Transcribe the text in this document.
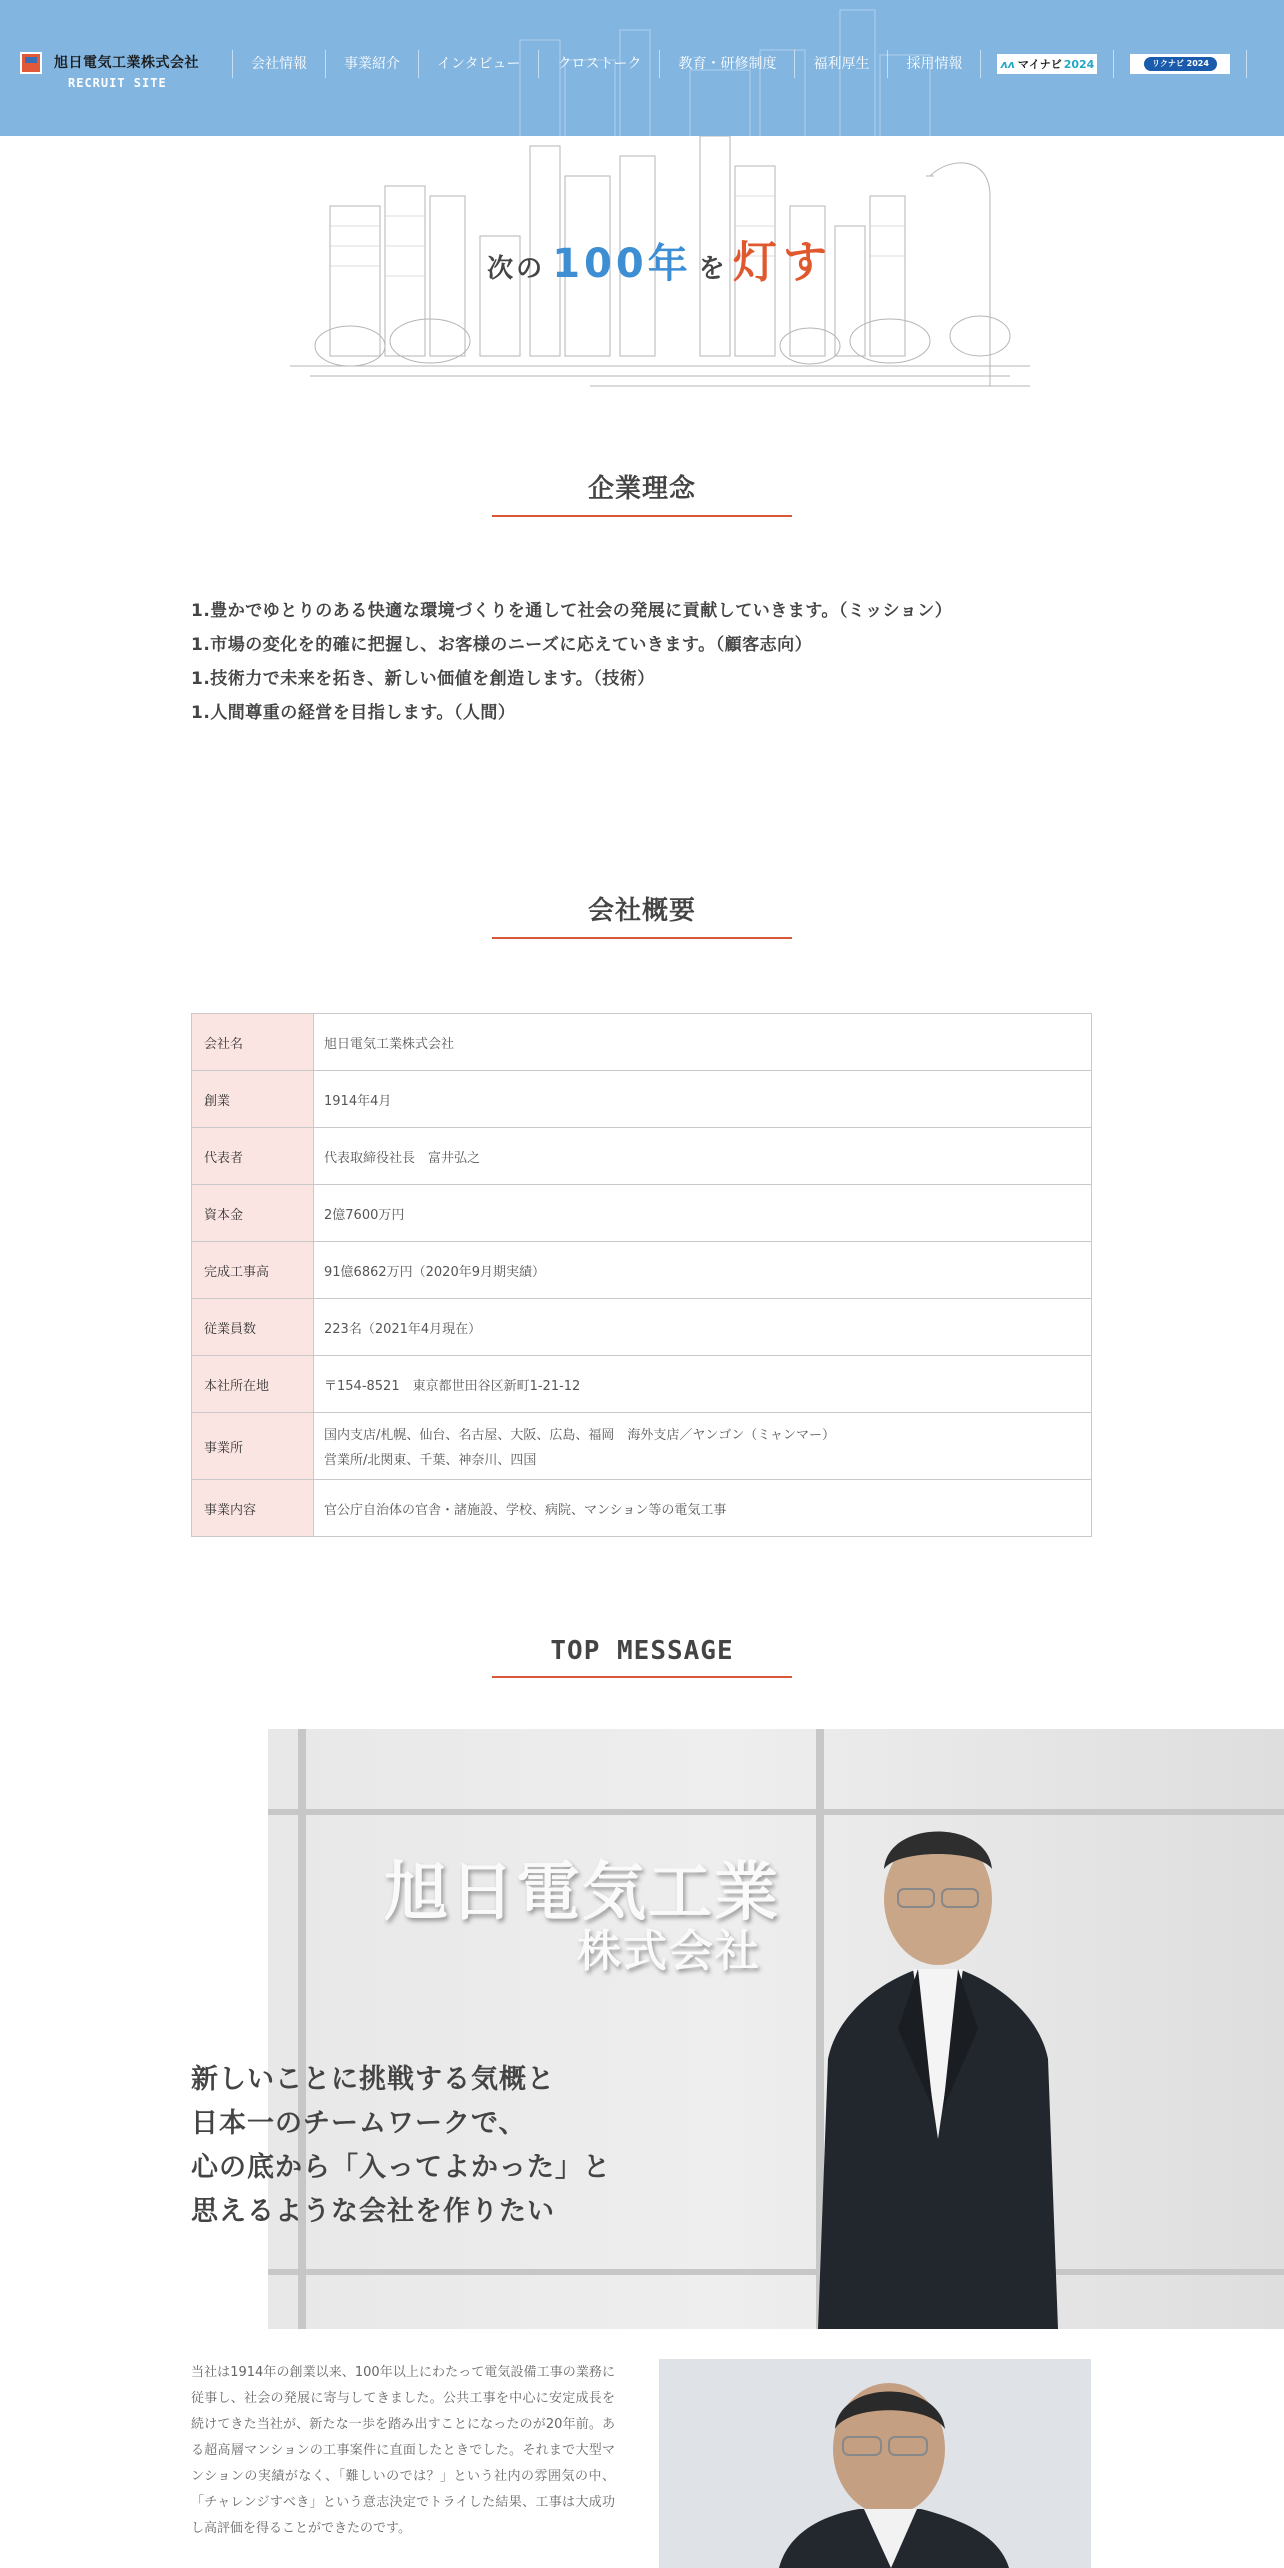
旭日電気工業株式会社
RECRUIT SITE
会社情報	事業紹介	インタビュー	クロストーク	教育・研修制度	福利厚生	採用情報	ʌʌ マイナビ 2024	リクナビ 2024
次の 100年 を 灯す
企業理念
1.豊かでゆとりのある快適な環境づくりを通して社会の発展に貢献していきます。（ミッション）
1.市場の変化を的確に把握し、お客様のニーズに応えていきます。（顧客志向）
1.技術力で未来を拓き、新しい価値を創造します。（技術）
1.人間尊重の経営を目指します。（人間）
会社概要
会社名	旭日電気工業株式会社
創業	1914年4月
代表者	代表取締役社長　富井弘之
資本金	2億7600万円
完成工事高	91億6862万円（2020年9月期実績）
従業員数	223名（2021年4月現在）
本社所在地	〒154-8521　東京都世田谷区新町1-21-12
事業所	国内支店/札幌、仙台、名古屋、大阪、広島、福岡　海外支店／ヤンゴン（ミャンマー）
営業所/北関東、千葉、神奈川、四国

事業内容	官公庁自治体の官舎・諸施設、学校、病院、マンション等の電気工事
TOP MESSAGE
旭日電気工業
株式会社

新しいことに挑戦する気概と

日本一のチームワークで、

心の底から「入ってよかった」と

思えるような会社を作りたい

当社は1914年の創業以来、100年以上にわたって電気設備工事の業務に従事し、社会の発展に寄与してきました。公共工事を中心に安定成長を続けてきた当社が、新たな一歩を踏み出すことになったのが20年前。ある超高層マンションの工事案件に直面したときでした。それまで大型マンションの実績がなく、「難しいのでは？」という社内の雰囲気の中、「チャレンジすべき」という意志決定でトライした結果、工事は大成功し高評価を得ることができたのです。
